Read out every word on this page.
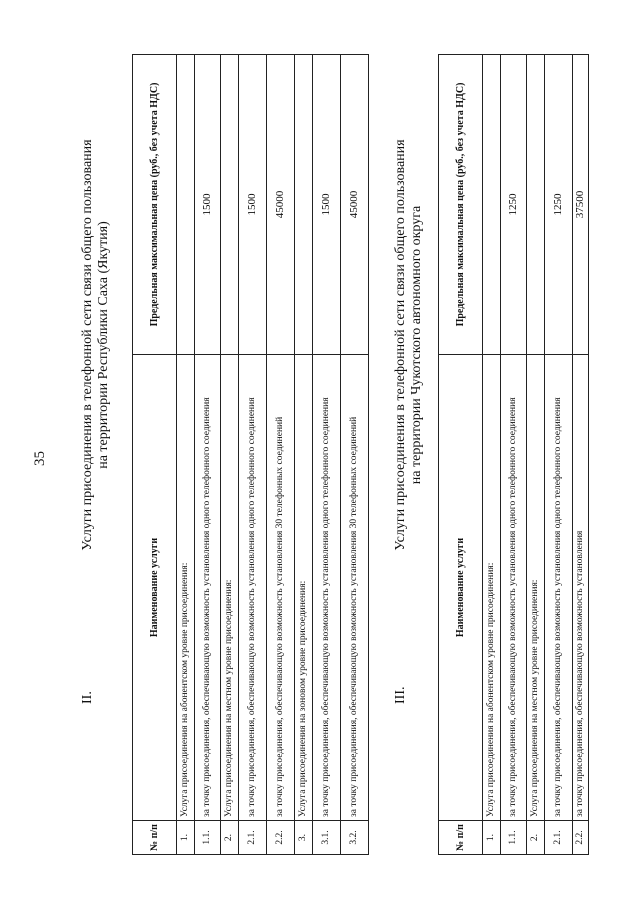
35
II.
Услуги присоединения в телефонной сети связи общего пользования на территории Республики Саха (Якутия)
№ п/п	Наименование услуги	Предельная максимальная цена (руб., без учета НДС)
1.	Услуга присоединения на абонентском уровне присоединения:	
1.1.	за точку присоединения, обеспечивающую возможность установления одного телефонного соединения	1500
2.	Услуга присоединения на местном уровне присоединения:	
2.1.	за точку присоединения, обеспечивающую возможность установления одного телефонного соединения	1500
2.2.	за точку присоединения, обеспечивающую возможность установления 30 телефонных соединений	45000
3.	Услуга присоединения на зоновом уровне присоединения:	
3.1.	за точку присоединения, обеспечивающую возможность установления одного телефонного соединения	1500
3.2.	за точку присоединения, обеспечивающую возможность установления 30 телефонных соединений	45000
III.
Услуги присоединения в телефонной сети связи общего пользования на территории Чукотского автономного округа
№ п/п	Наименование услуги	Предельная максимальная цена (руб., без учета НДС)
1.	Услуга присоединения на абонентском уровне присоединения:	
1.1.	за точку присоединения, обеспечивающую возможность установления одного телефонного соединения	1250
2.	Услуга присоединения на местном уровне присоединения:	
2.1.	за точку присоединения, обеспечивающую возможность установления одного телефонного соединения	1250
2.2.	за точку присоединения, обеспечивающую возможность установления	37500
